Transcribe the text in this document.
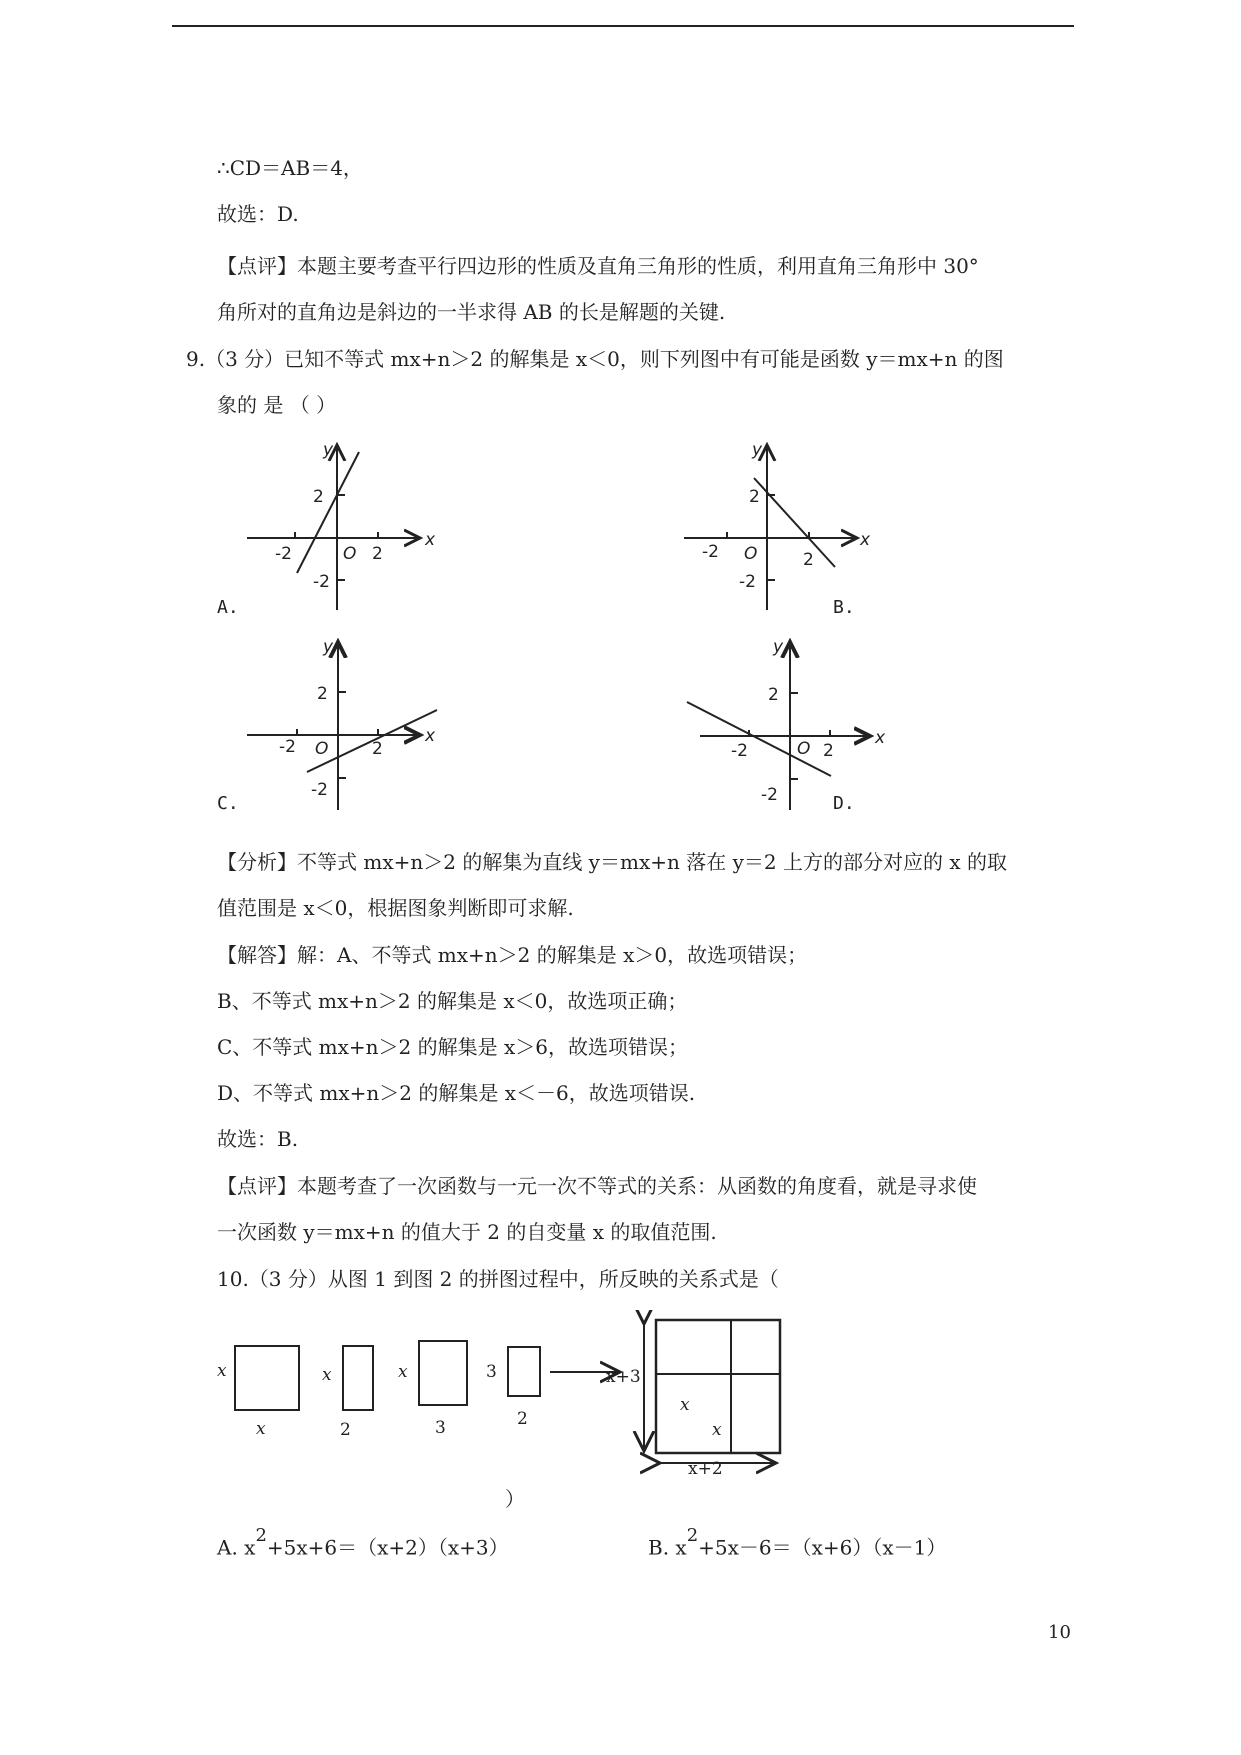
∴CD＝AB＝4，
故选：D.
【点评】本题主要考查平行四边形的性质及直角三角形的性质，利用直角三角形中 30°
角所对的直角边是斜边的一半求得 AB 的长是解题的关键.
9.（3 分）已知不等式 mx+n＞2 的解集是 x＜0，则下列图中有可能是函数 y＝mx+n 的图
象的 是 （ ）
y
x
2
-2	O 2
-2
A.
y
x
2
-2 O	2
-2
B.
y
x
2
-2 O	2
-2
C.
y
x
2
-2	O 2
-2	D.
【分析】不等式 mx+n＞2 的解集为直线 y＝mx+n 落在 y＝2 上方的部分对应的 x 的取
值范围是 x＜0，根据图象判断即可求解.
【解答】解：A、不等式 mx+n＞2 的解集是 x＞0，故选项错误；
B、不等式 mx+n＞2 的解集是 x＜0，故选项正确；
C、不等式 mx+n＞2 的解集是 x＞6，故选项错误；
D、不等式 mx+n＞2 的解集是 x＜－6，故选项错误.
故选：B.
【点评】本题考查了一次函数与一元一次不等式的关系：从函数的角度看，就是寻求使
一次函数 y＝mx+n 的值大于 2 的自变量 x 的取值范围.
10.（3 分）从图 1 到图 2 的拼图过程中，所反映的关系式是（
x
x
x
2
x
3
3
2
x+3
x
x
x+2
）
A. $x^2+5x+6=(x+2)(x+3)$	B. $x^2+5x-6=(x+6)(x-1)$
10
